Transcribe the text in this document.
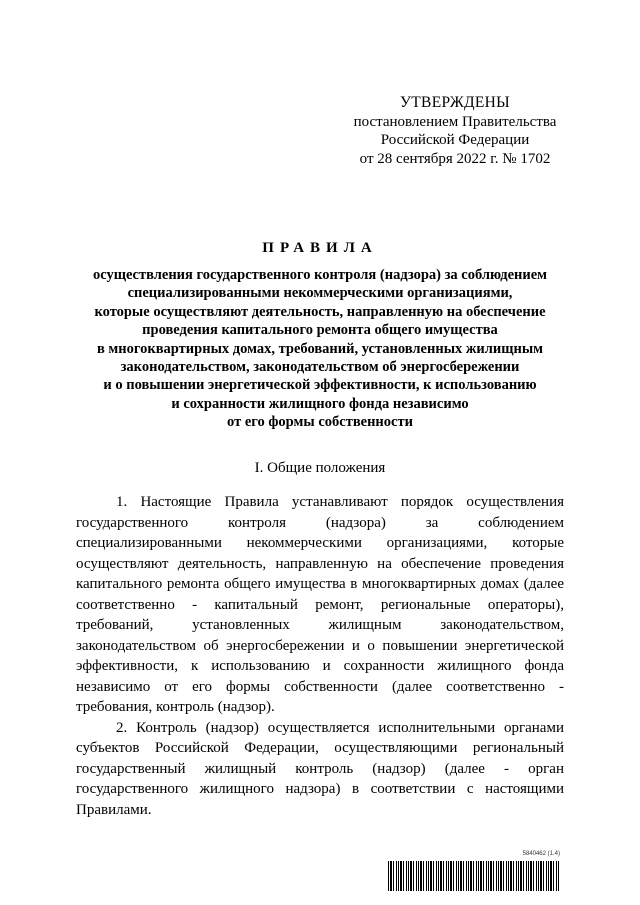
УТВЕРЖДЕНЫ
постановлением Правительства
Российской Федерации
от 28 сентября 2022 г. № 1702
ПРАВИЛА
осуществления государственного контроля (надзора) за соблюдением
специализированными некоммерческими организациями,
которые осуществляют деятельность, направленную на обеспечение
проведения капитального ремонта общего имущества
в многоквартирных домах, требований, установленных жилищным
законодательством, законодательством об энергосбережении
и о повышении энергетической эффективности, к использованию
и сохранности жилищного фонда независимо
от его формы собственности
I. Общие положения

1. Настоящие Правила устанавливают порядок осуществления государственного контроля (надзора) за соблюдением специализированными некоммерческими организациями, которые осуществляют деятельность, направленную на обеспечение проведения капитального ремонта общего имущества в многоквартирных домах (далее соответственно - капитальный ремонт, региональные операторы), требований, установленных жилищным законодательством, законодательством об энергосбережении и о повышении энергетической эффективности, к использованию и сохранности жилищного фонда независимо от его формы собственности (далее соответственно - требования, контроль (надзор).

2. Контроль (надзор) осуществляется исполнительными органами субъектов Российской Федерации, осуществляющими региональный государственный жилищный контроль (надзор) (далее - орган государственного жилищного надзора) в соответствии с настоящими Правилами.

5840462 (1.4)
